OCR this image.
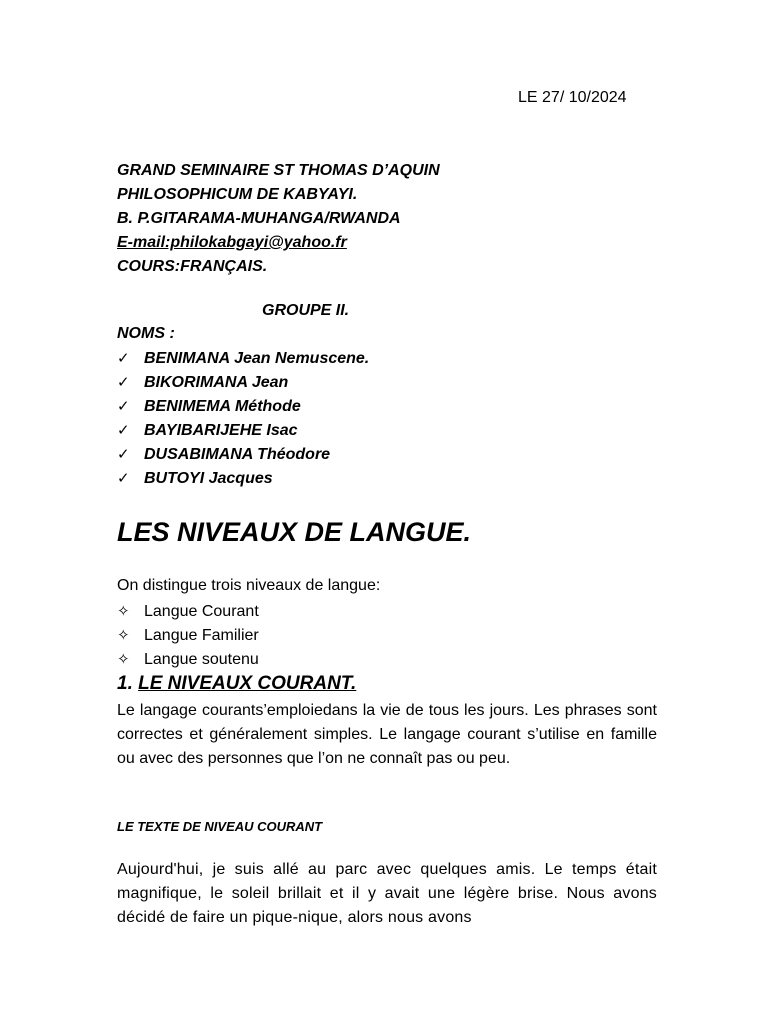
LE 27/ 10/2024
GRAND SEMINAIRE ST THOMAS D’AQUIN
PHILOSOPHICUM DE KABYAYI.
B. P.GITARAMA-MUHANGA/RWANDA
E-mail:philokabgayi@yahoo.fr
COURS:FRANÇAIS.
GROUPE II.
NOMS :
✓ BENIMANA Jean Nemuscene.
✓ BIKORIMANA Jean
✓ BENIMEMA Méthode
✓ BAYIBARIJEHE Isac
✓ DUSABIMANA Théodore
✓ BUTOYI Jacques
LES NIVEAUX DE LANGUE.
On distingue trois niveaux de langue:
✧ Langue Courant
✧ Langue Familier
✧ Langue soutenu
1. LE NIVEAUX COURANT.
Le langage courants’emploiedans la vie de tous les jours. Les phrases sont correctes et généralement simples. Le langage courant s’utilise en famille ou avec des personnes que l’on ne connaît pas ou peu.
LE TEXTE DE NIVEAU COURANT
Aujourd'hui, je suis allé au parc avec quelques amis. Le temps était magnifique, le soleil brillait et il y avait une légère brise. Nous avons décidé de faire un pique-nique, alors nous avons
